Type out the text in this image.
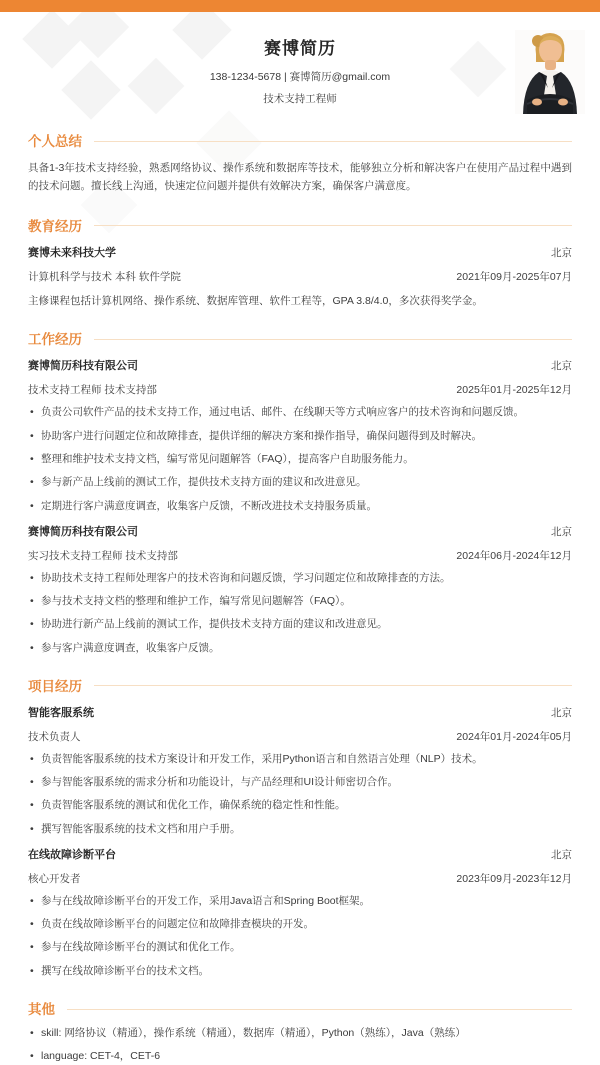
赛博简历
138-1234-5678 | 赛博简历@gmail.com
技术支持工程师
个人总结

具备1-3年技术支持经验，熟悉网络协议、操作系统和数据库等技术，能够独立分析和解决客户在使用产品过程中遇到的技术问题。擅长线上沟通，快速定位问题并提供有效解决方案，确保客户满意度。

教育经历
赛博未来科技大学	北京
计算机科学与技术 本科 软件学院	2021年09月-2025年07月
主修课程包括计算机网络、操作系统、数据库管理、软件工程等，GPA 3.8/4.0，多次获得奖学金。
工作经历
赛博简历科技有限公司	北京
技术支持工程师 技术支持部	2025年01月-2025年12月
• 负责公司软件产品的技术支持工作，通过电话、邮件、在线聊天等方式响应客户的技术咨询和问题反馈。
• 协助客户进行问题定位和故障排查，提供详细的解决方案和操作指导，确保问题得到及时解决。
• 整理和维护技术支持文档，编写常见问题解答（FAQ），提高客户自助服务能力。
• 参与新产品上线前的测试工作，提供技术支持方面的建议和改进意见。
• 定期进行客户满意度调查，收集客户反馈，不断改进技术支持服务质量。
赛博简历科技有限公司	北京
实习技术支持工程师 技术支持部	2024年06月-2024年12月
• 协助技术支持工程师处理客户的技术咨询和问题反馈，学习问题定位和故障排查的方法。
• 参与技术支持文档的整理和维护工作，编写常见问题解答（FAQ）。
• 协助进行新产品上线前的测试工作，提供技术支持方面的建议和改进意见。
• 参与客户满意度调查，收集客户反馈。
项目经历
智能客服系统	北京
技术负责人	2024年01月-2024年05月
• 负责智能客服系统的技术方案设计和开发工作，采用Python语言和自然语言处理（NLP）技术。
• 参与智能客服系统的需求分析和功能设计，与产品经理和UI设计师密切合作。
• 负责智能客服系统的测试和优化工作，确保系统的稳定性和性能。
• 撰写智能客服系统的技术文档和用户手册。
在线故障诊断平台	北京
核心开发者	2023年09月-2023年12月
• 参与在线故障诊断平台的开发工作，采用Java语言和Spring Boot框架。
• 负责在线故障诊断平台的问题定位和故障排查模块的开发。
• 参与在线故障诊断平台的测试和优化工作。
• 撰写在线故障诊断平台的技术文档。
其他
• skill: 网络协议（精通），操作系统（精通），数据库（精通），Python（熟练），Java（熟练）
• language: CET-4，CET-6
